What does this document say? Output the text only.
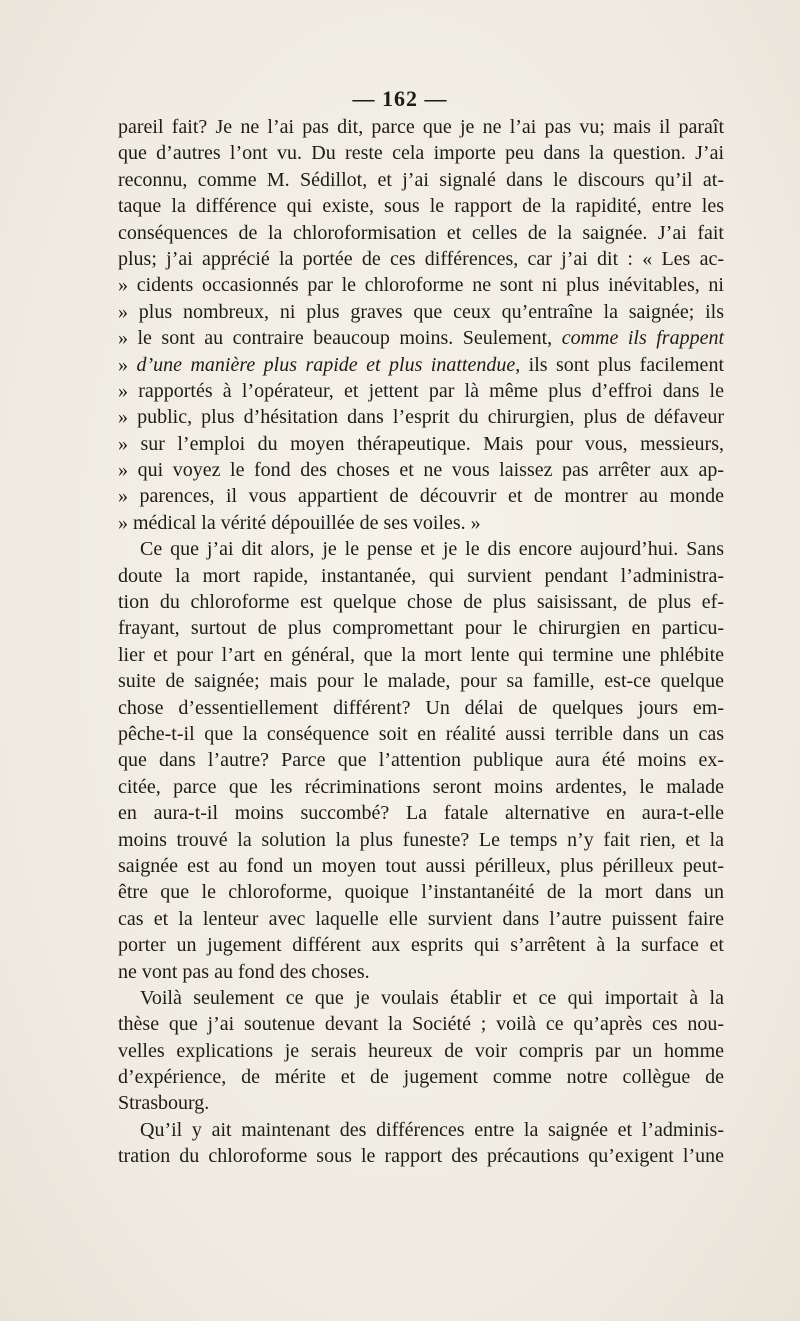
— 162 —
pareil fait? Je ne l’ai pas dit, parce que je ne l’ai pas vu; mais il paraît
que d’autres l’ont vu. Du reste cela importe peu dans la question. J’ai
reconnu, comme M. Sédillot, et j’ai signalé dans le discours qu’il at-
taque la différence qui existe, sous le rapport de la rapidité, entre les
conséquences de la chloroformisation et celles de la saignée. J’ai fait
plus; j’ai apprécié la portée de ces différences, car j’ai dit : « Les ac-
» cidents occasionnés par le chloroforme ne sont ni plus inévitables, ni
» plus nombreux, ni plus graves que ceux qu’entraîne la saignée; ils
» le sont au contraire beaucoup moins. Seulement, comme ils frappent
» d’une manière plus rapide et plus inattendue, ils sont plus facilement
» rapportés à l’opérateur, et jettent par là même plus d’effroi dans le
» public, plus d’hésitation dans l’esprit du chirurgien, plus de défaveur
» sur l’emploi du moyen thérapeutique. Mais pour vous, messieurs,
» qui voyez le fond des choses et ne vous laissez pas arrêter aux ap-
» parences, il vous appartient de découvrir et de montrer au monde
» médical la vérité dépouillée de ses voiles. »
Ce que j’ai dit alors, je le pense et je le dis encore aujourd’hui. Sans
doute la mort rapide, instantanée, qui survient pendant l’administra-
tion du chloroforme est quelque chose de plus saisissant, de plus ef-
frayant, surtout de plus compromettant pour le chirurgien en particu-
lier et pour l’art en général, que la mort lente qui termine une phlébite
suite de saignée; mais pour le malade, pour sa famille, est-ce quelque
chose d’essentiellement différent? Un délai de quelques jours em-
pêche-t-il que la conséquence soit en réalité aussi terrible dans un cas
que dans l’autre? Parce que l’attention publique aura été moins ex-
citée, parce que les récriminations seront moins ardentes, le malade
en aura-t-il moins succombé? La fatale alternative en aura-t-elle
moins trouvé la solution la plus funeste? Le temps n’y fait rien, et la
saignée est au fond un moyen tout aussi périlleux, plus périlleux peut-
être que le chloroforme, quoique l’instantanéité de la mort dans un
cas et la lenteur avec laquelle elle survient dans l’autre puissent faire
porter un jugement différent aux esprits qui s’arrêtent à la surface et
ne vont pas au fond des choses.
Voilà seulement ce que je voulais établir et ce qui importait à la
thèse que j’ai soutenue devant la Société ; voilà ce qu’après ces nou-
velles explications je serais heureux de voir compris par un homme
d’expérience, de mérite et de jugement comme notre collègue de
Strasbourg.
Qu’il y ait maintenant des différences entre la saignée et l’adminis-
tration du chloroforme sous le rapport des précautions qu’exigent l’une
